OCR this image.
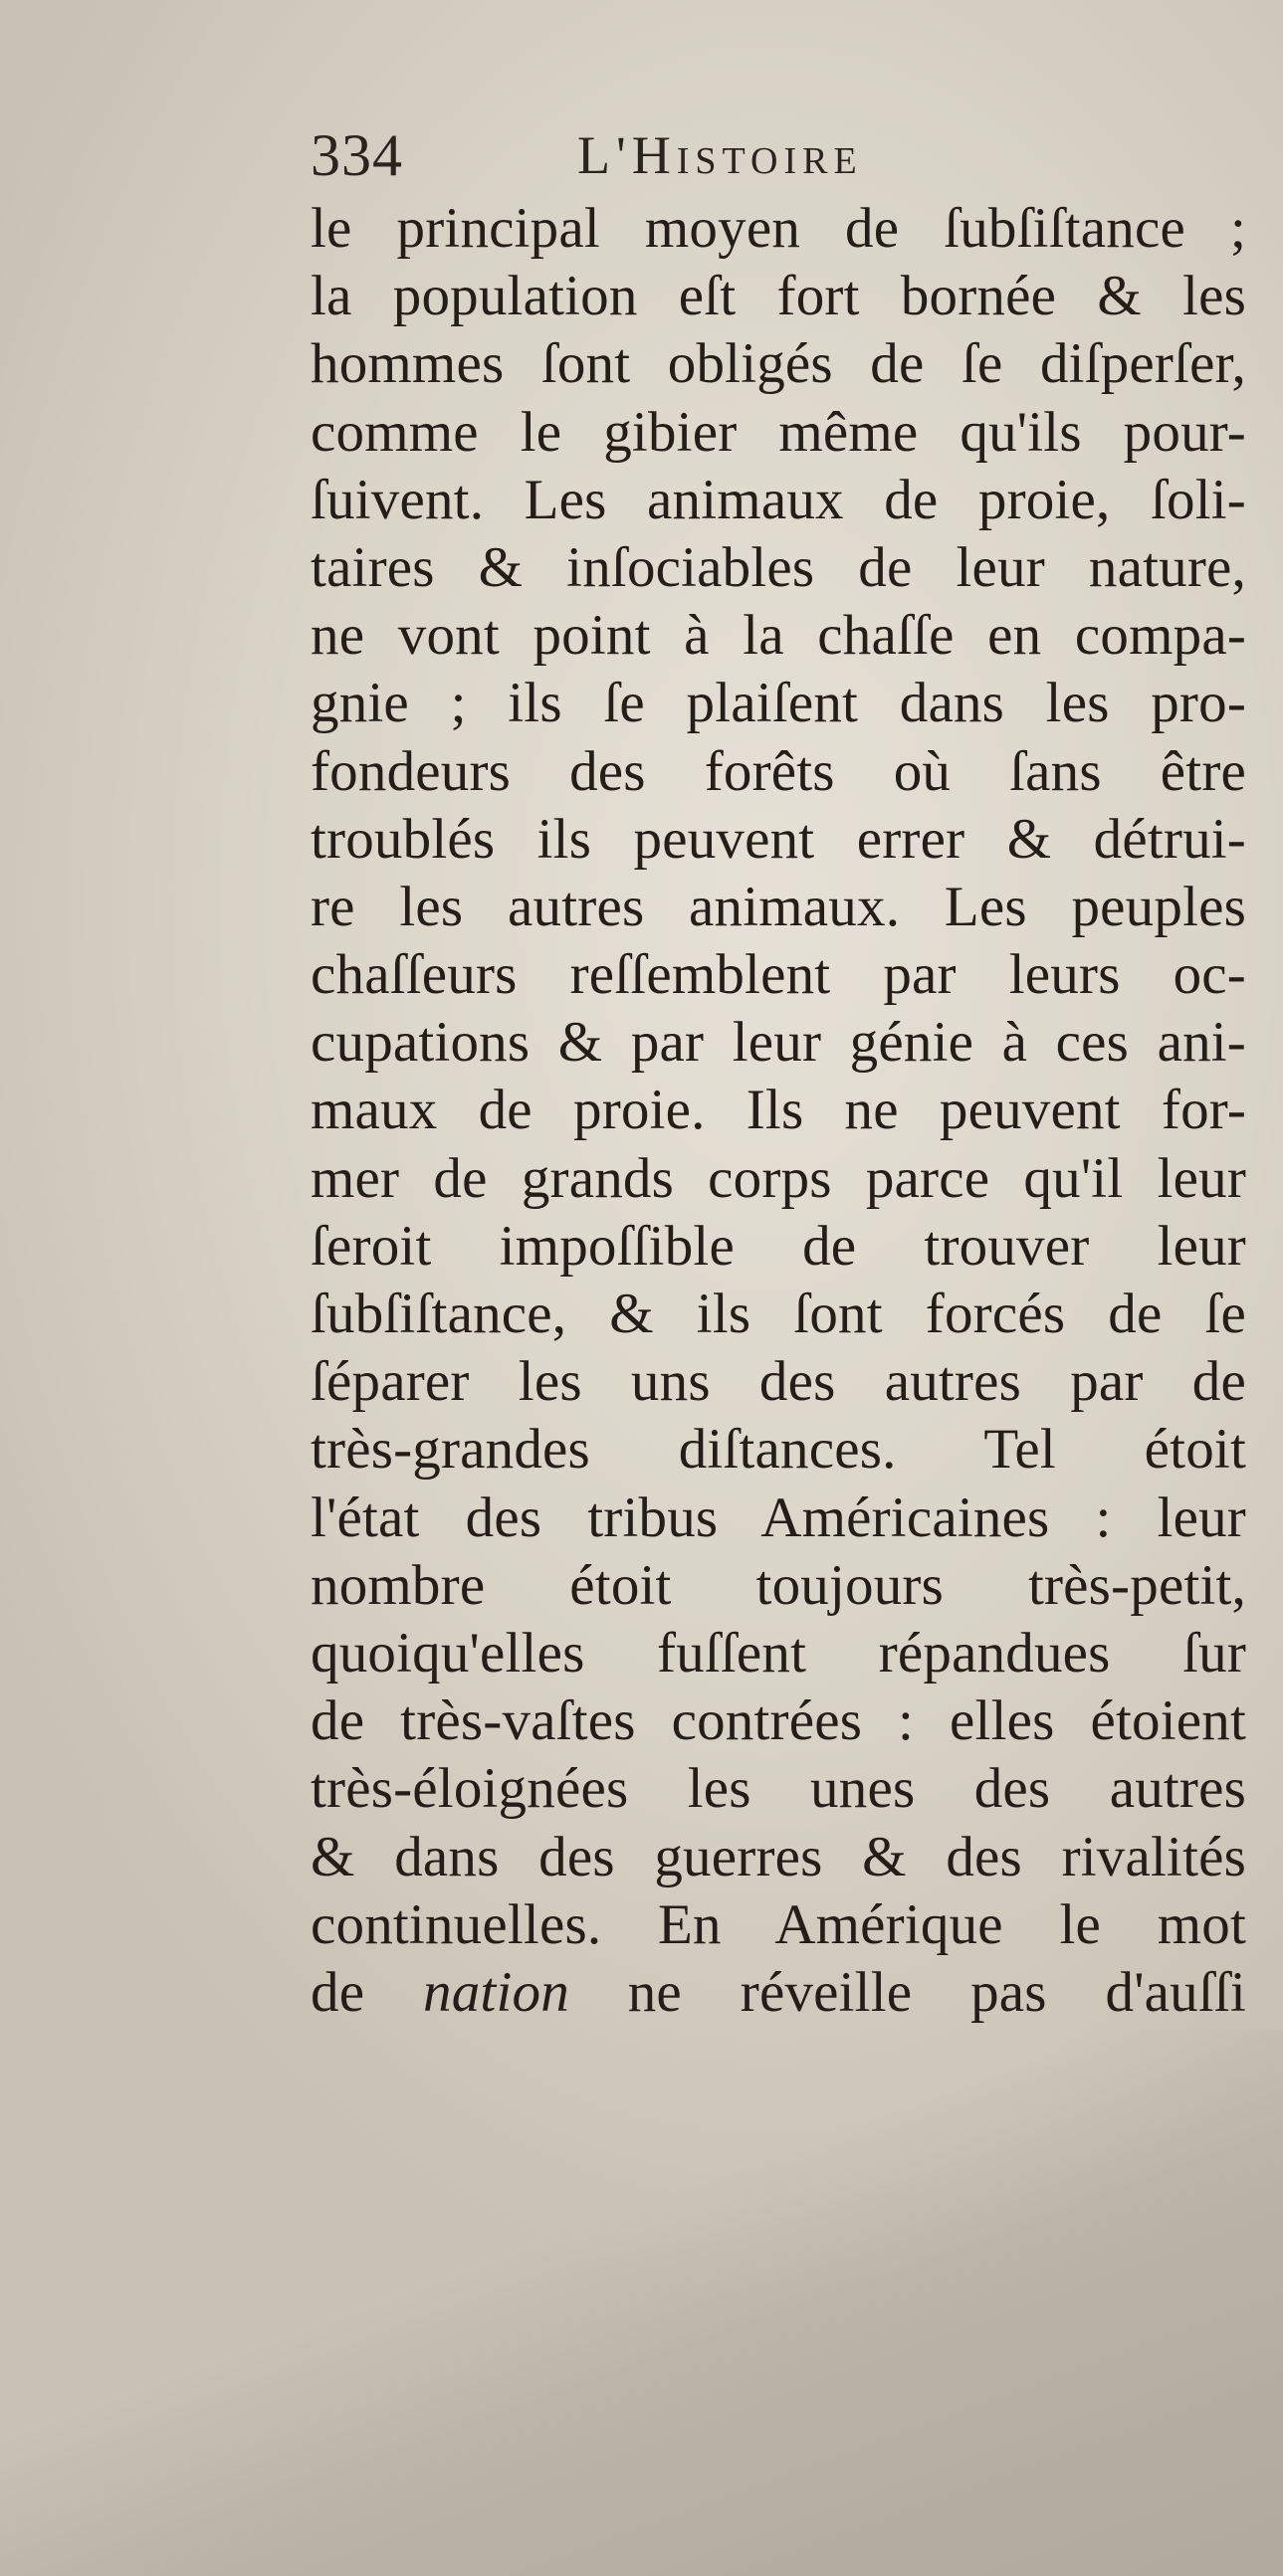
334	L'Histoire
le principal moyen de ſubſiſtance ;
la population eſt fort bornée & les
hommes ſont obligés de ſe diſperſer,
comme le gibier même qu'ils pour-
ſuivent. Les animaux de proie, ſoli-
taires & inſociables de leur nature,
ne vont point à la chaſſe en compa-
gnie ; ils ſe plaiſent dans les pro-
fondeurs des forêts où ſans être
troublés ils peuvent errer & détrui-
re les autres animaux. Les peuples
chaſſeurs reſſemblent par leurs oc-
cupations & par leur génie à ces ani-
maux de proie. Ils ne peuvent for-
mer de grands corps parce qu'il leur
ſeroit impoſſible de trouver leur
ſubſiſtance, & ils ſont forcés de ſe
ſéparer les uns des autres par de
très-grandes diſtances. Tel étoit
l'état des tribus Américaines : leur
nombre étoit toujours très-petit,
quoiqu'elles fuſſent répandues ſur
de très-vaſtes contrées : elles étoient
très-éloignées les unes des autres
& dans des guerres & des rivalités
continuelles. En Amérique le mot
de nation ne réveille pas d'auſſi
